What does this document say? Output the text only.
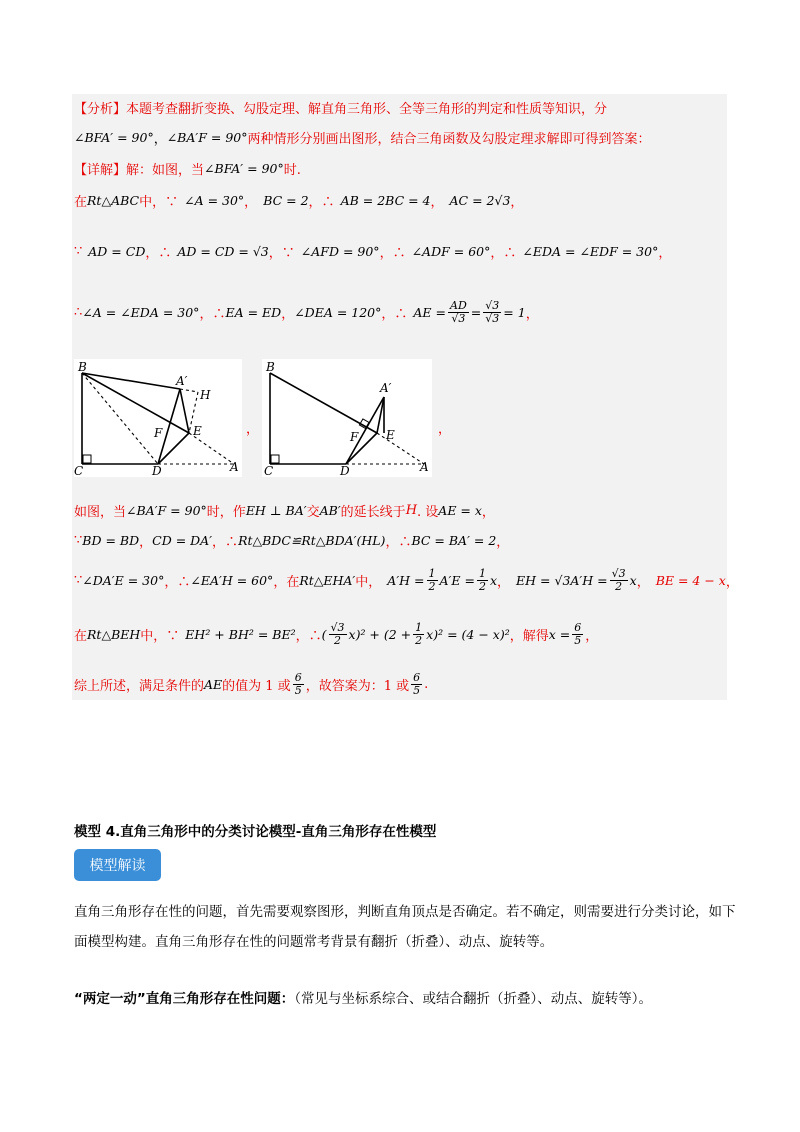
【分析】 本题考查翻折变换、勾股定理、解直角三角形、全等三角形的判定和性质等知识，分
∠BFA′ = 90° ， ∠BA′F = 90° 两种情形分别画出图形，结合三角函数及勾股定理求解即可得到答案：
【详解】 解：如图，当 ∠BFA′ = 90° 时.
在 Rt△ABC 中，∵ ∠A = 30° ， BC = 2 ，∴ AB = 2BC = 4 ， AC = 2√3 ，
∵ AD = CD ，∴ AD = CD = √3 ，∵ ∠AFD = 90° ，∴ ∠ADF = 60° ，∴ ∠EDA = ∠EDF = 30° ，
∴ ∠A = ∠EDA = 30° ，∴ EA = ED ， ∠DEA = 120° ，∴ AE = $\frac{AD}{√3} = \frac{√3}{√3} = 1$ ，
B
A′
H
F	E
C	D	A
，
B
A′
F E
C	D	A
，
如图，当 ∠BA′F = 90° 时，作 EH ⊥ BA′ 交 AB′ 的延长线于 H . 设 AE = x ，
∵ BD = BD ， CD = DA′ ，∴ Rt△BDC≌Rt△BDA′(HL) ，∴ BC = BA′ = 2 ，
∵ ∠DA′E = 30° ，∴ ∠EA′H = 60° ，在 Rt△EHA′ 中， $A'H = \frac{1}{2} A'E = \frac{1}{2}$ x ， EH = $√3A'H = \frac{√3}{2}$ x ， BE = 4 − x ，
在 Rt△BEH 中，∵ EH² + BH² = BE² ，∴ ( $\frac{√3}{2} x)^2 + (2 + \frac{1}{2} x)^2 = (4 - x)^2$ ，解得 $x = \frac{6}{5}$ ，
综上所述，满足条件的 AE 的值为 1 或 $\frac{6}{5}$ ，故答案为：1 或 $\frac{6}{5}$ .
模型 4.直角三角形中的分类讨论模型-直角三角形存在性模型
模型解读
直角三角形存在性的问题，首先需要观察图形，判断直角顶点是否确定。若不确定，则需要进行分类讨论，如下面模型构建。直角三角形存在性的问题常考背景有翻折（折叠）、动点、旋转等。
“两定一动”直角三角形存在性问题：（常见与坐标系综合、或结合翻折（折叠）、动点、旋转等）。
